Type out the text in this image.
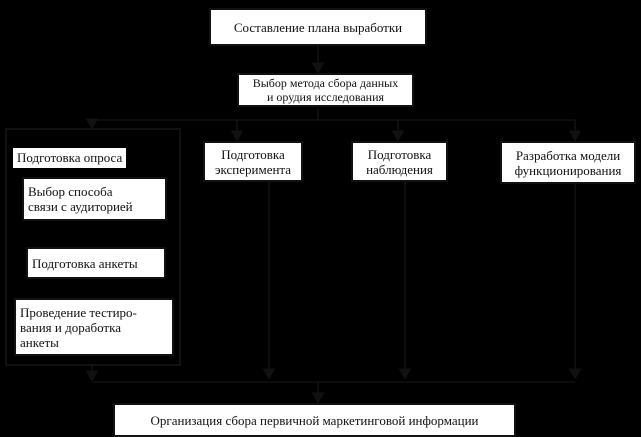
Составление плана выработки
Выбор метода сбора данных
и орудия исследования
Подготовка опроса
Выбор способа
связи с аудиторией
Подготовка анкеты
Проведение тестиро-
вания и доработка
анкеты
Подготовка
эксперимента
Подготовка
наблюдения
Разработка модели
функционирования
Организация сбора первичной маркетинговой информации
